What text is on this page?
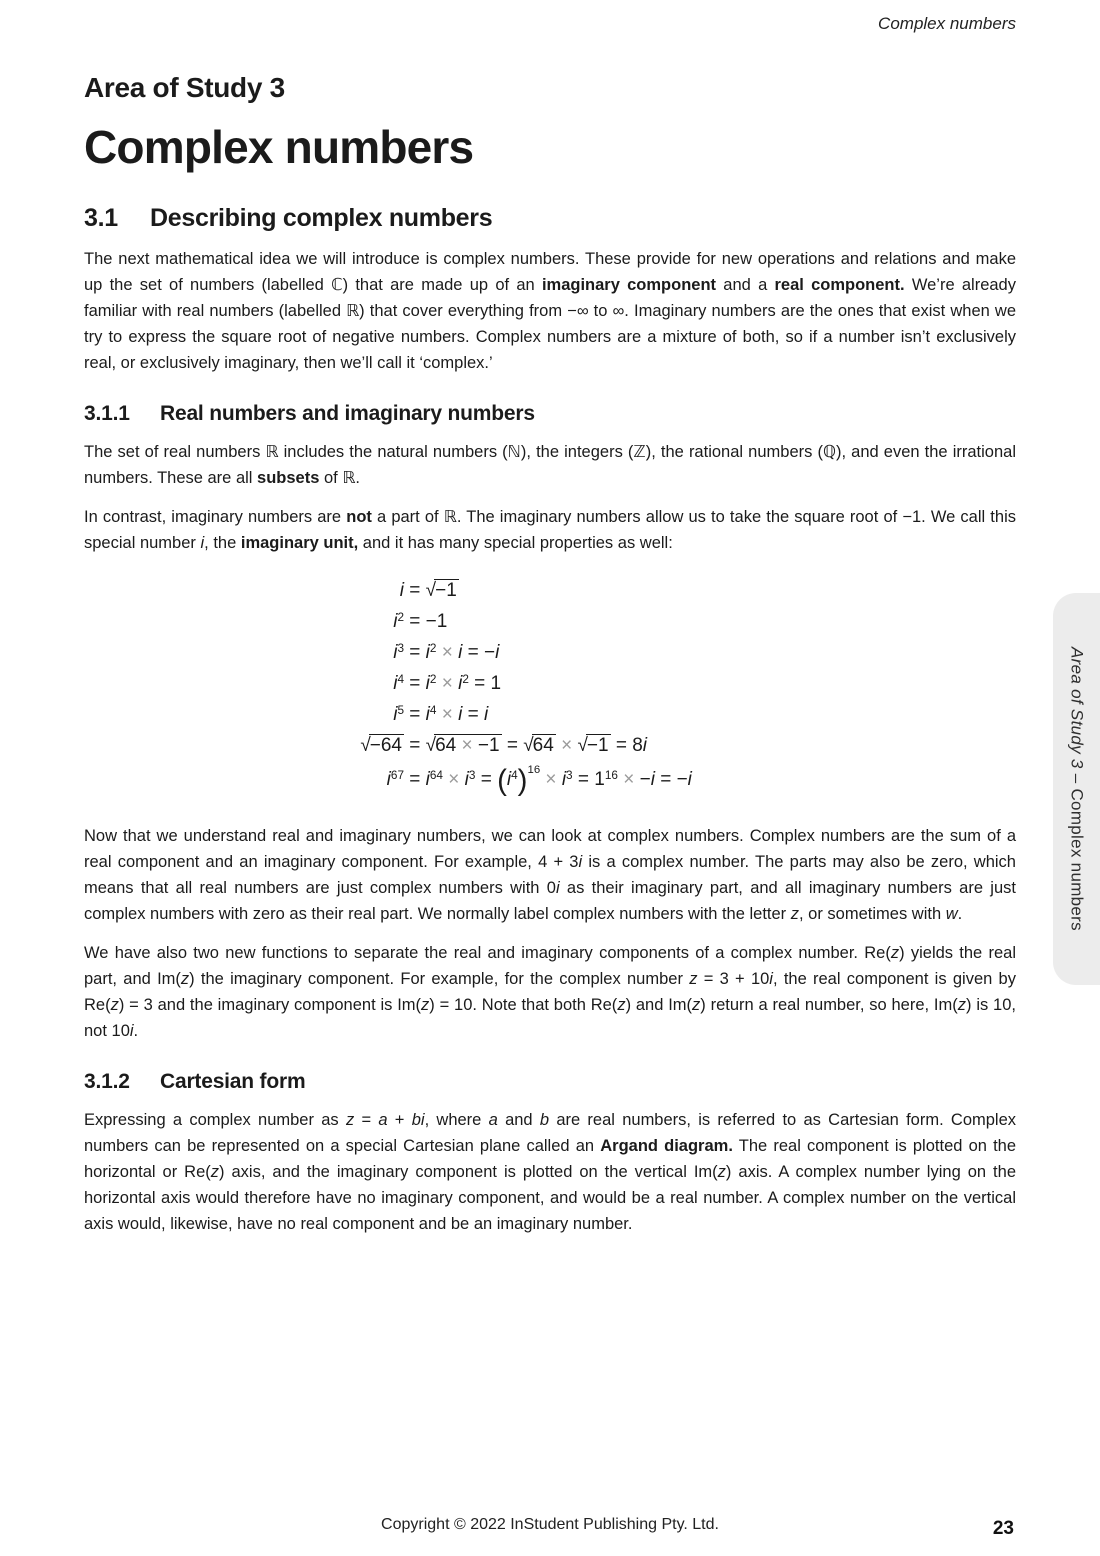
Complex numbers
Area of Study 3
Complex numbers
3.1 Describing complex numbers

The next mathematical idea we will introduce is complex numbers. These provide for new operations and relations and make up the set of numbers (labelled ℂ) that are made up of an imaginary component and a real component. We’re already familiar with real numbers (labelled ℝ) that cover everything from −∞ to ∞. Imaginary numbers are the ones that exist when we try to express the square root of negative numbers. Complex numbers are a mixture of both, so if a number isn’t exclusively real, or exclusively imaginary, then we’ll call it ‘complex.’

3.1.1 Real numbers and imaginary numbers

The set of real numbers ℝ includes the natural numbers (ℕ), the integers (ℤ), the rational numbers (ℚ), and even the irrational numbers. These are all subsets of ℝ.

In contrast, imaginary numbers are not a part of ℝ. The imaginary numbers allow us to take the square root of −1. We call this special number i, the imaginary unit, and it has many special properties as well:

i = √−1
$i^2 = -1$
$i^3 = i^2 \times i = -i$
$i^4 = i^2 \times i^2 = 1$
$i^5 = i^4 \times i = i$
√−64 = √64 × −1 = √64 × √−1 = 8i
$i^{67} = i^{64} \times i^3 = (i^4)^{16} \times i^3 = 1^{16} \times -i = -i$

Now that we understand real and imaginary numbers, we can look at complex numbers. Complex numbers are the sum of a real component and an imaginary component. For example, 4 + 3i is a complex number. The parts may also be zero, which means that all real numbers are just complex numbers with 0i as their imaginary part, and all imaginary numbers are just complex numbers with zero as their real part. We normally label complex numbers with the letter z, or sometimes with w.

We have also two new functions to separate the real and imaginary components of a complex number. Re(z) yields the real part, and Im(z) the imaginary component. For example, for the complex number z = 3 + 10i, the real component is given by Re(z) = 3 and the imaginary component is Im(z) = 10. Note that both Re(z) and Im(z) return a real number, so here, Im(z) is 10, not 10i.

3.1.2 Cartesian form

Expressing a complex number as z = a + bi, where a and b are real numbers, is referred to as Cartesian form. Complex numbers can be represented on a special Cartesian plane called an Argand diagram. The real component is plotted on the horizontal or Re(z) axis, and the imaginary component is plotted on the vertical Im(z) axis. A complex number lying on the horizontal axis would therefore have no imaginary component, and would be a real number. A complex number on the vertical axis would, likewise, have no real component and be an imaginary number.

Area of Study 3 – Complex numbers
Copyright © 2022 InStudent Publishing Pty. Ltd.	23
